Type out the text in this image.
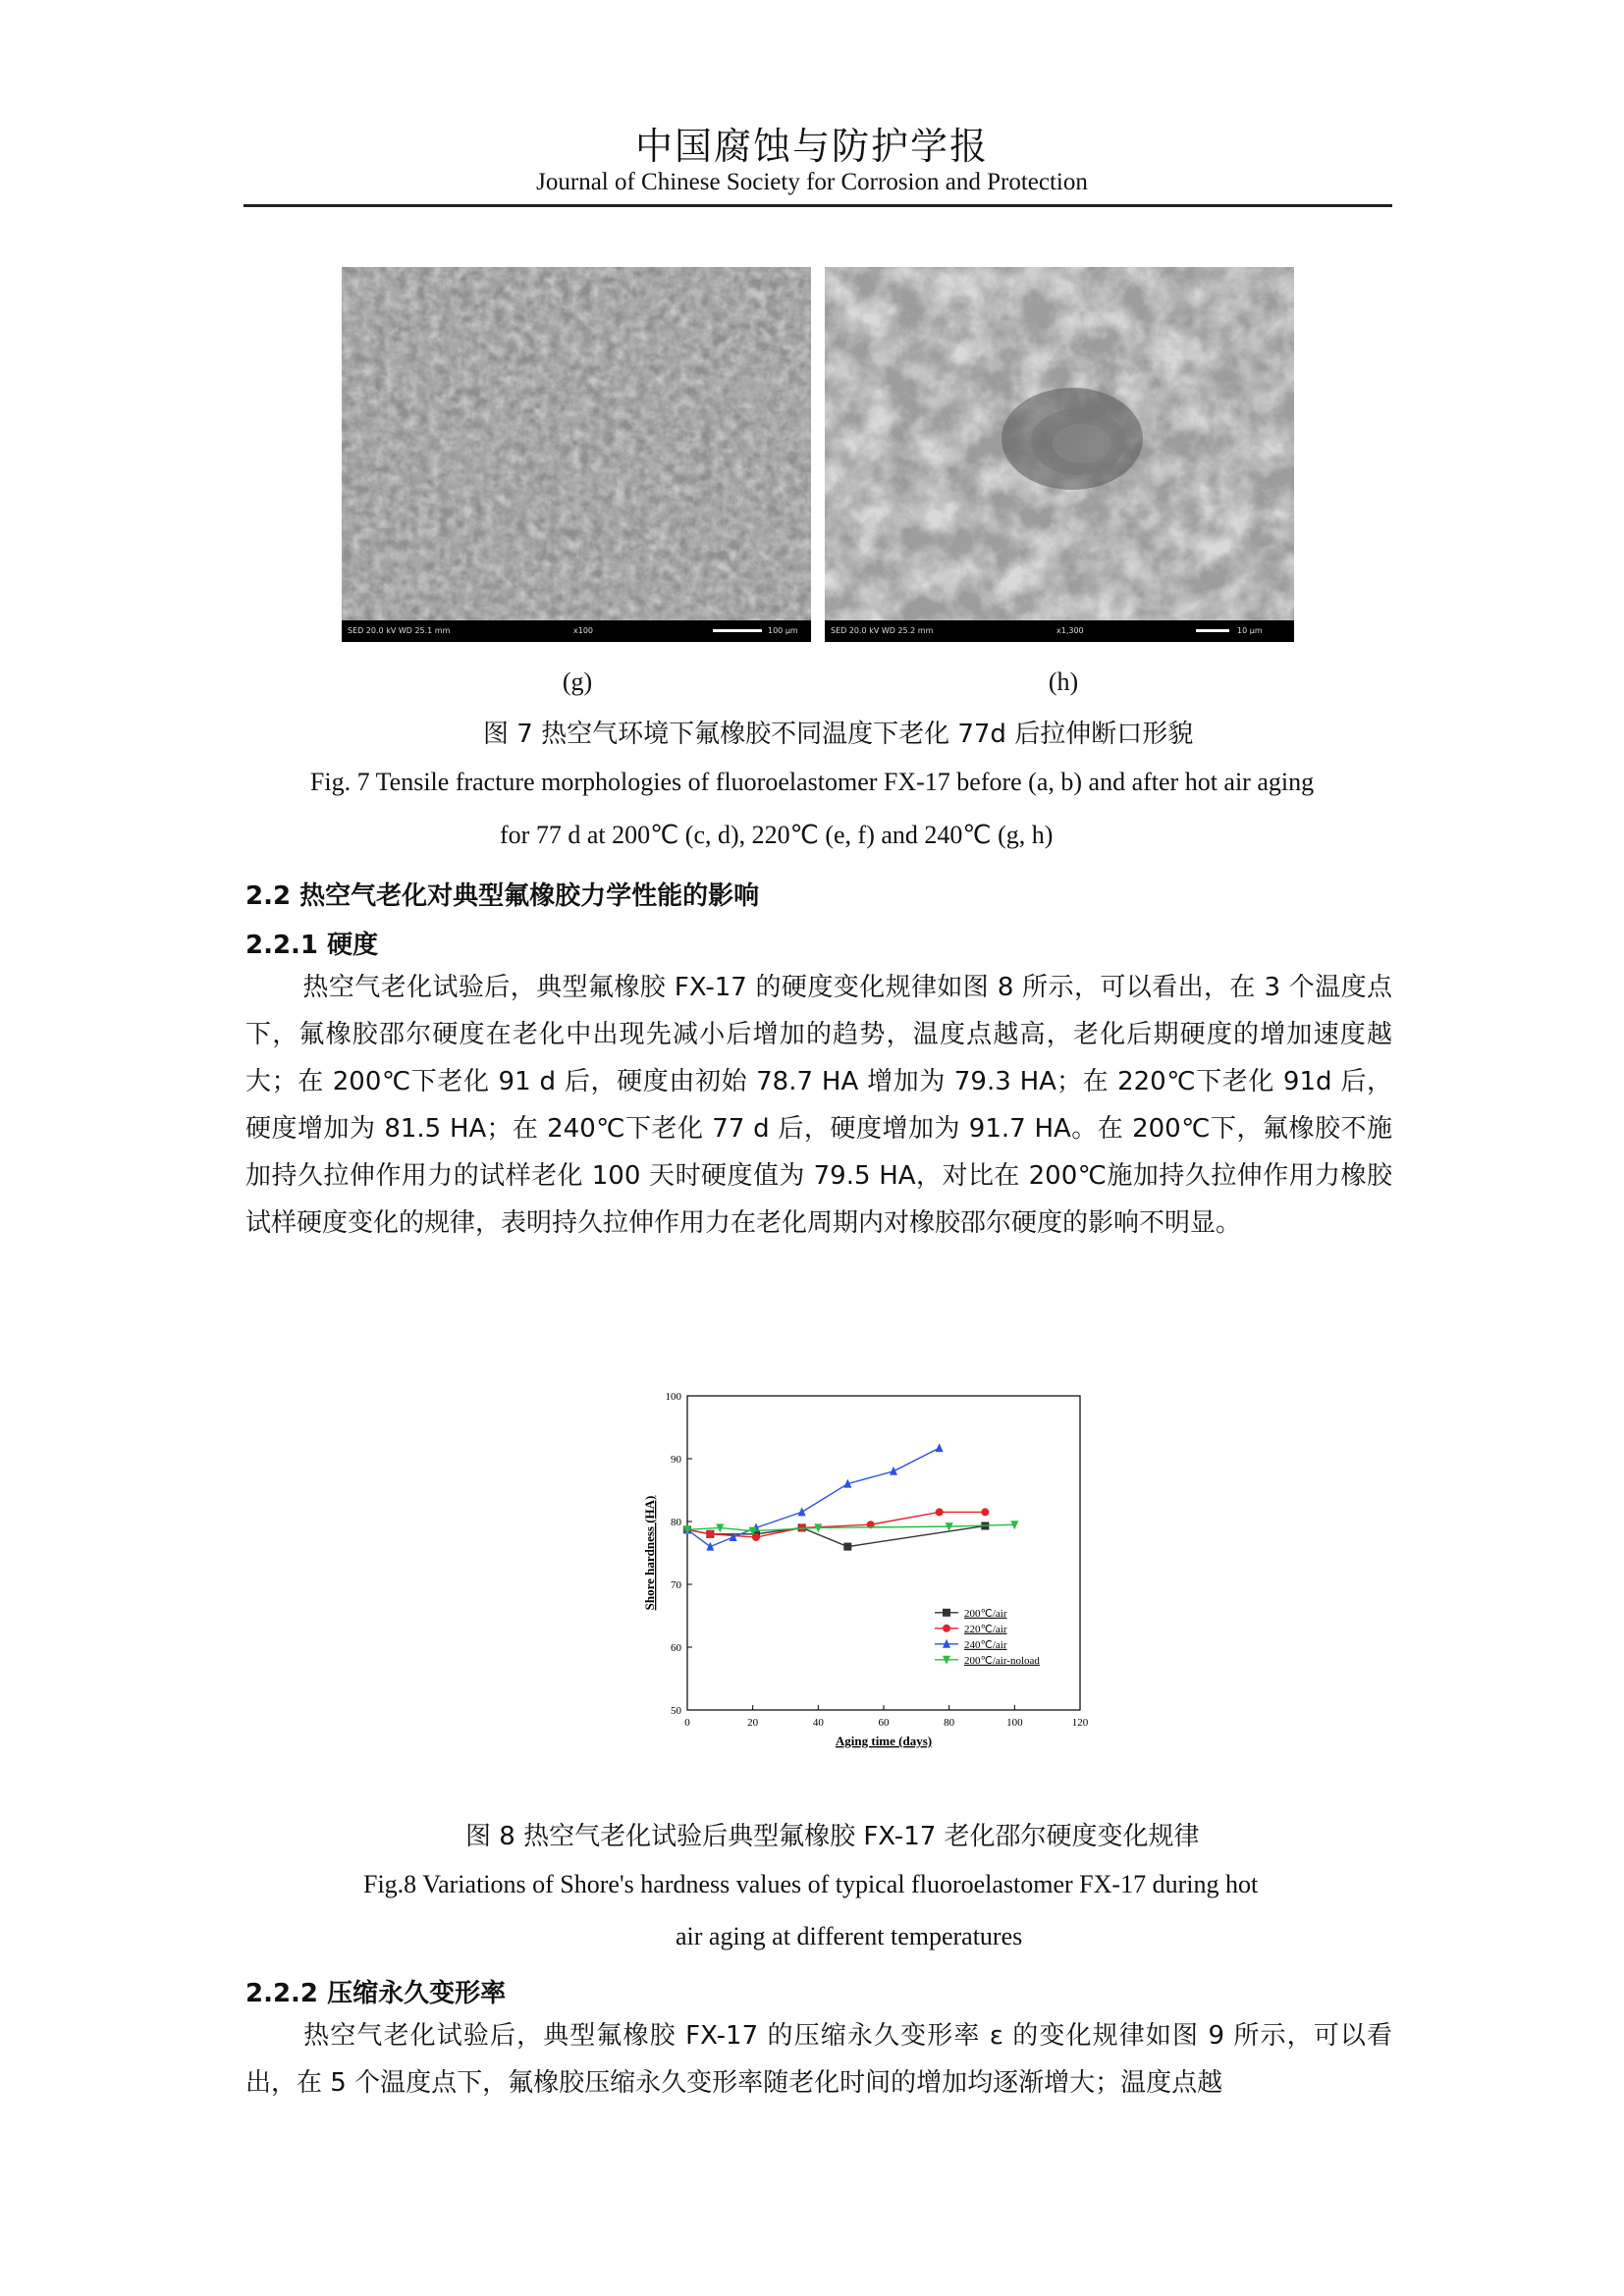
中国腐蚀与防护学报
Journal of Chinese Society for Corrosion and Protection
SED 20.0 kV WD 25.1 mm	x100	100 μm	SED 20.0 kV WD 25.2 mm	x1,300	10 μm
(g)	(h)
图 7 热空气环境下氟橡胶不同温度下老化 77d 后拉伸断口形貌
Fig. 7 Tensile fracture morphologies of fluoroelastomer FX-17 before (a, b) and after hot air aging
for 77 d at 200℃ (c, d), 220℃ (e, f) and 240℃ (g, h)
2.2 热空气老化对典型氟橡胶力学性能的影响
2.2.1 硬度

热空气老化试验后，典型氟橡胶 FX-17 的硬度变化规律如图 8 所示，可以看出，在 3 个温度点下，氟橡胶邵尔硬度在老化中出现先减小后增加的趋势，温度点越高，老化后期硬度的增加速度越大；在 200℃下老化 91 d 后，硬度由初始 78.7 HA 增加为 79.3 HA；在 220℃下老化 91d 后，硬度增加为 81.5 HA；在 240℃下老化 77 d 后，硬度增加为 91.7 HA。在 200℃下，氟橡胶不施加持久拉伸作用力的试样老化 100 天时硬度值为 79.5 HA，对比在 200℃施加持久拉伸作用力橡胶试样硬度变化的规律，表明持久拉伸作用力在老化周期内对橡胶邵尔硬度的影响不明显。

0	20	40	60	80	100	120
50
60
70
80
90
100
Aging time (days)
Shore hardness (HA)
200℃/air
220℃/air
240℃/air
200℃/air-noload
图 8 热空气老化试验后典型氟橡胶 FX-17 老化邵尔硬度变化规律
Fig.8 Variations of Shore's hardness values of typical fluoroelastomer FX-17 during hot
air aging at different temperatures
2.2.2 压缩永久变形率

热空气老化试验后，典型氟橡胶 FX-17 的压缩永久变形率 ε 的变化规律如图 9 所示，可以看出，在 5 个温度点下，氟橡胶压缩永久变形率随老化时间的增加均逐渐增大；温度点越
